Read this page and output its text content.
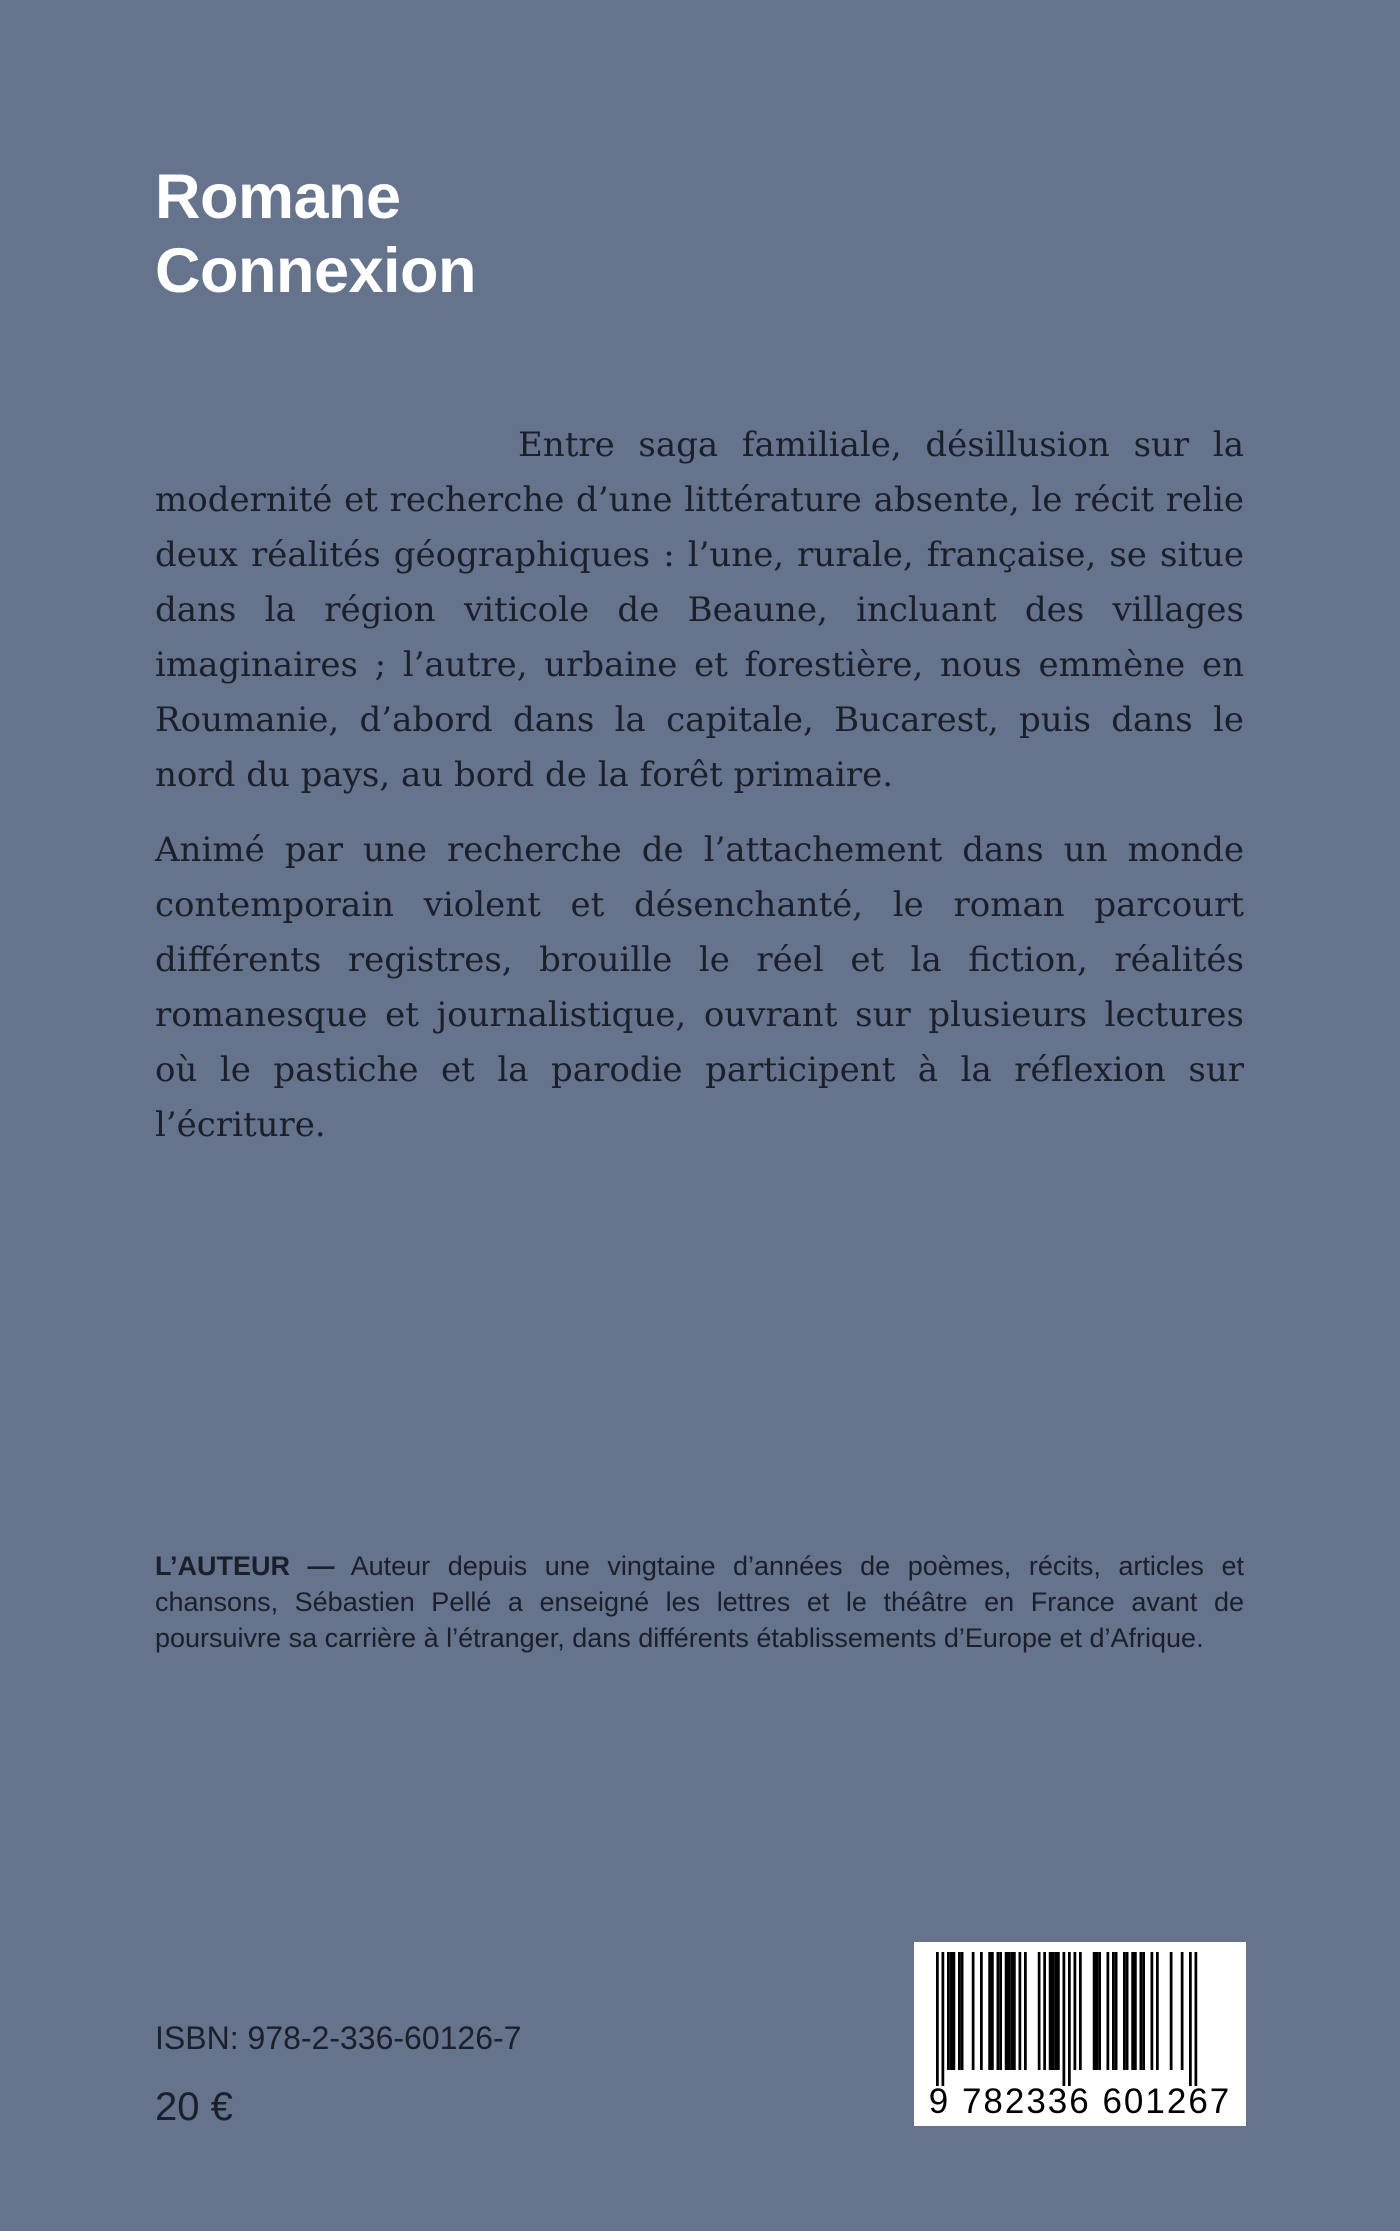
Romane
Connexion

Entre saga familiale, désillusion sur la modernité et recherche d’une littérature absente, le récit relie deux réalités géographiques : l’une, rurale, française, se situe dans la région viticole de Beaune, incluant des villages imaginaires ; l’autre, urbaine et forestière, nous emmène en Roumanie, d’abord dans la capitale, Bucarest, puis dans le nord du pays, au bord de la forêt primaire.

Animé par une recherche de l’attachement dans un monde contemporain violent et désenchanté, le roman parcourt différents registres, brouille le réel et la fiction, réalités romanesque et journalistique, ouvrant sur plusieurs lectures où le pastiche et la parodie participent à la réflexion sur l’écriture.

L’AUTEUR — Auteur depuis une vingtaine d’années de poèmes, récits, articles et chansons, Sébastien Pellé a enseigné les lettres et le théâtre en France avant de poursuivre sa carrière à l’étranger, dans différents établissements d’Europe et d’Afrique.

ISBN: 978-2-336-60126-7

20 €	9 782336 601267
